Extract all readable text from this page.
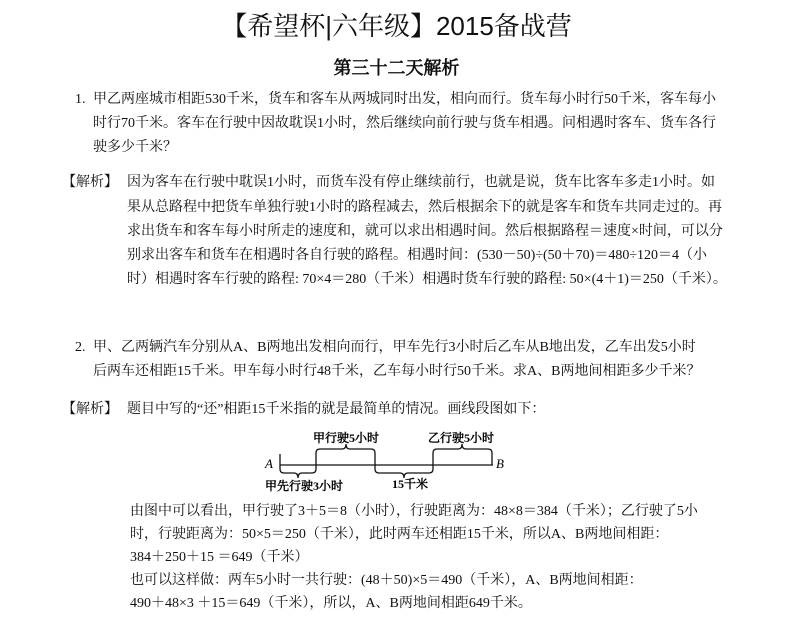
【希望杯|六年级】2015备战营
第三十二天解析
1. 甲乙两座城市相距530千米，货车和客车从两城同时出发，相向而行。货车每小时行50千米，客车每小
时行70千米。客车在行驶中因故耽误1小时，然后继续向前行驶与货车相遇。问相遇时客车、货车各行
驶多少千米？
【解析】 因为客车在行驶中耽误1小时，而货车没有停止继续前行，也就是说，货车比客车多走1小时。如
果从总路程中把货车单独行驶1小时的路程减去，然后根据余下的就是客车和货车共同走过的。再
求出货车和客车每小时所走的速度和，就可以求出相遇时间。然后根据路程＝速度×时间，可以分
别求出客车和货车在相遇时各自行驶的路程。相遇时间：(530－50)÷(50＋70)＝480÷120＝4（小
时）相遇时客车行驶的路程: 70×4＝280（千米）相遇时货车行驶的路程: 50×(4＋1)＝250（千米）。
2. 甲、乙两辆汽车分别从A、B两地出发相向而行，甲车先行3小时后乙车从B地出发，乙车出发5小时
后两车还相距15千米。甲车每小时行48千米，乙车每小时行50千米。求A、B两地间相距多少千米？
【解析】 题目中写的“还”相距15千米指的就是最简单的情况。画线段图如下：
A	B
甲行驶5小时	乙行驶5小时
甲先行驶3小时	15千米
由图中可以看出，甲行驶了3＋5＝8（小时），行驶距离为：48×8＝384（千米）；乙行驶了5小
时，行驶距离为：50×5＝250（千米），此时两车还相距15千米，所以A、B两地间相距：
384＋250＋15 ＝649（千米）
也可以这样做：两车5小时一共行驶：(48＋50)×5＝490（千米），A、B两地间相距：
490＋48×3 ＋15＝649（千米），所以，A、B两地间相距649千米。
